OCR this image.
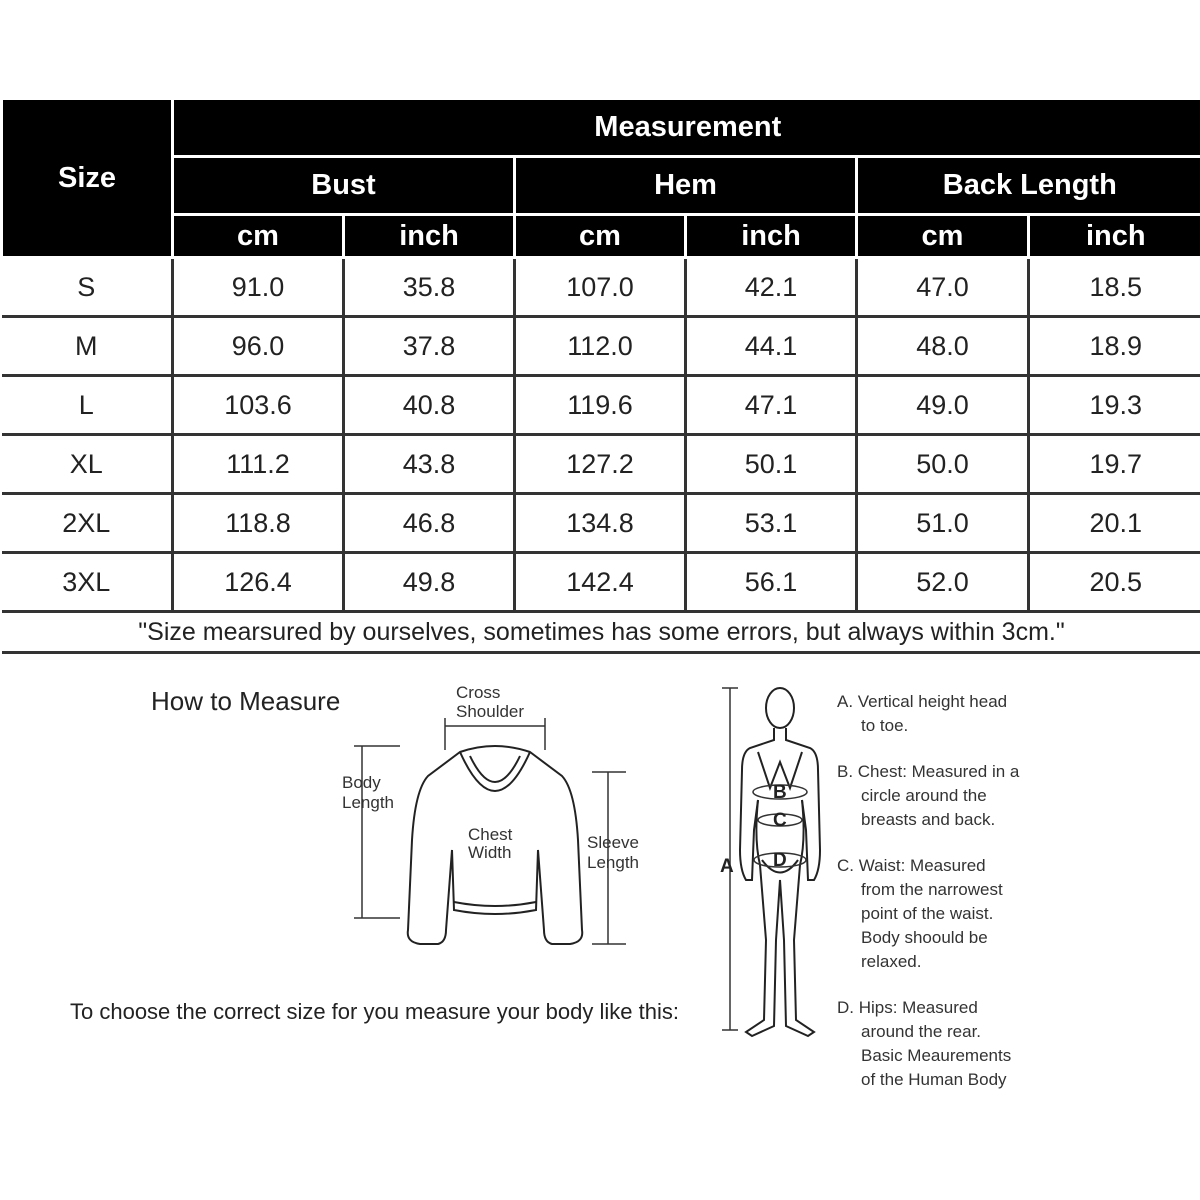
Size	Measurement					
	Bust		Hem		Back Length	
	cm	inch	cm	inch	cm	inch
S	91.0	35.8	107.0	42.1	47.0	18.5
M	96.0	37.8	112.0	44.1	48.0	18.9
L	103.6	40.8	119.6	47.1	49.0	19.3
XL	111.2	43.8	127.2	50.1	50.0	19.7
2XL	118.8	46.8	134.8	53.1	51.0	20.1
3XL	126.4	49.8	142.4	56.1	52.0	20.5
"Size mearsured by ourselves, sometimes has some errors, but always within 3cm."						
How to Measure
To choose the correct size for you measure your body like this:
Cross
Shoulder
Body
Length
Chest
Width
Sleeve
Length	A
B
C
D
A. Vertical height head
to toe.
B. Chest: Measured in a
circle around the
breasts and back.
C. Waist: Measured
from the narrowest
point of the waist.
Body shoould be
relaxed.
D. Hips: Measured
around the rear.
Basic Meaurements
of the Human Body
